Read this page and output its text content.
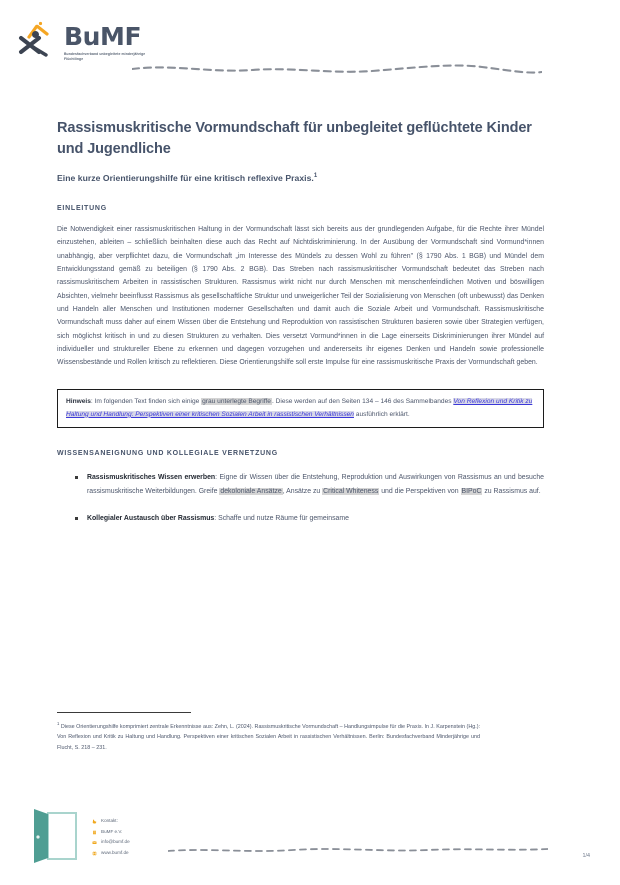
BuMF
Bundesfachverband unbegleitete minderjährige Flüchtlinge
Rassismuskritische Vormundschaft für unbegleitet geflüchtete Kinder und Jugendliche
Eine kurze Orientierungshilfe für eine kritisch reflexive Praxis.$^1$
EINLEITUNG

Die Notwendigkeit einer rassismuskritischen Haltung in der Vormundschaft lässt sich bereits aus der grundlegenden Aufgabe, für die Rechte ihrer Mündel einzustehen, ableiten – schließlich beinhalten diese auch das Recht auf Nichtdiskriminierung. In der Ausübung der Vormundschaft sind Vormund*innen unabhängig, aber verpflichtet dazu, die Vormundschaft „im Interesse des Mündels zu dessen Wohl zu führen" (§ 1790 Abs. 1 BGB) und Mündel dem Entwicklungsstand gemäß zu beteiligen (§ 1790 Abs. 2 BGB). Das Streben nach rassismuskritischer Vormundschaft bedeutet das Streben nach rassismuskritischem Arbeiten in rassistischen Strukturen. Rassismus wirkt nicht nur durch Menschen mit menschenfeindlichen Motiven und böswilligen Absichten, vielmehr beeinflusst Rassismus als gesellschaftliche Struktur und unweigerlicher Teil der Sozialisierung von Menschen (oft unbewusst) das Denken und Handeln aller Menschen und Institutionen moderner Gesellschaften und damit auch die Soziale Arbeit und Vormundschaft. Rassismuskritische Vormundschaft muss daher auf einem Wissen über die Entstehung und Reproduktion von rassistischen Strukturen basieren sowie über Strategien verfügen, sich möglichst kritisch in und zu diesen Strukturen zu verhalten. Dies versetzt Vormund*innen in die Lage einerseits Diskriminierungen ihrer Mündel auf individueller und struktureller Ebene zu erkennen und dagegen vorzugehen und andererseits ihr eigenes Denken und Handeln sowie professionelle Wissensbestände und Rollen kritisch zu reflektieren. Diese Orientierungshilfe soll erste Impulse für eine rassismuskritische Praxis der Vormundschaft geben.

Hinweis: Im folgenden Text finden sich einige grau unterlegte Begriffe. Diese werden auf den Seiten 134 – 146 des Sammelbandes Von Reflexion und Kritik zu Haltung und Handlung: Perspektiven einer kritischen Sozialen Arbeit in rassistischen Verhältnissen ausführlich erklärt.
WISSENSANEIGNUNG UND KOLLEGIALE VERNETZUNG
Rassismuskritisches Wissen erwerben: Eigne dir Wissen über die Entstehung, Reproduktion und Auswirkungen von Rassismus an und besuche rassismuskritische Weiterbildungen. Greife dekoloniale Ansätze, Ansätze zu Critical Whiteness und die Perspektiven von BIPoC zu Rassismus auf.
Kollegialer Austausch über Rassismus: Schaffe und nutze Räume für gemeinsame
$^1$ Diese Orientierungshilfe komprimiert zentrale Erkenntnisse aus: Zehn, L. (2024). Rassismuskritische Vormundschaft – Handlungsimpulse für die Praxis. In J. Karpenstein (Hg.): Von Reflexion und Kritik zu Haltung und Handlung. Perspektiven einer kritischen Sozialen Arbeit in rassistischen Verhältnissen. Berlin: Bundesfachverband Minderjährige und Flucht, S. 218 – 231.
Kontakt:
BuMF e.V.
info@bumf.de
www.bumf.de
1/4
